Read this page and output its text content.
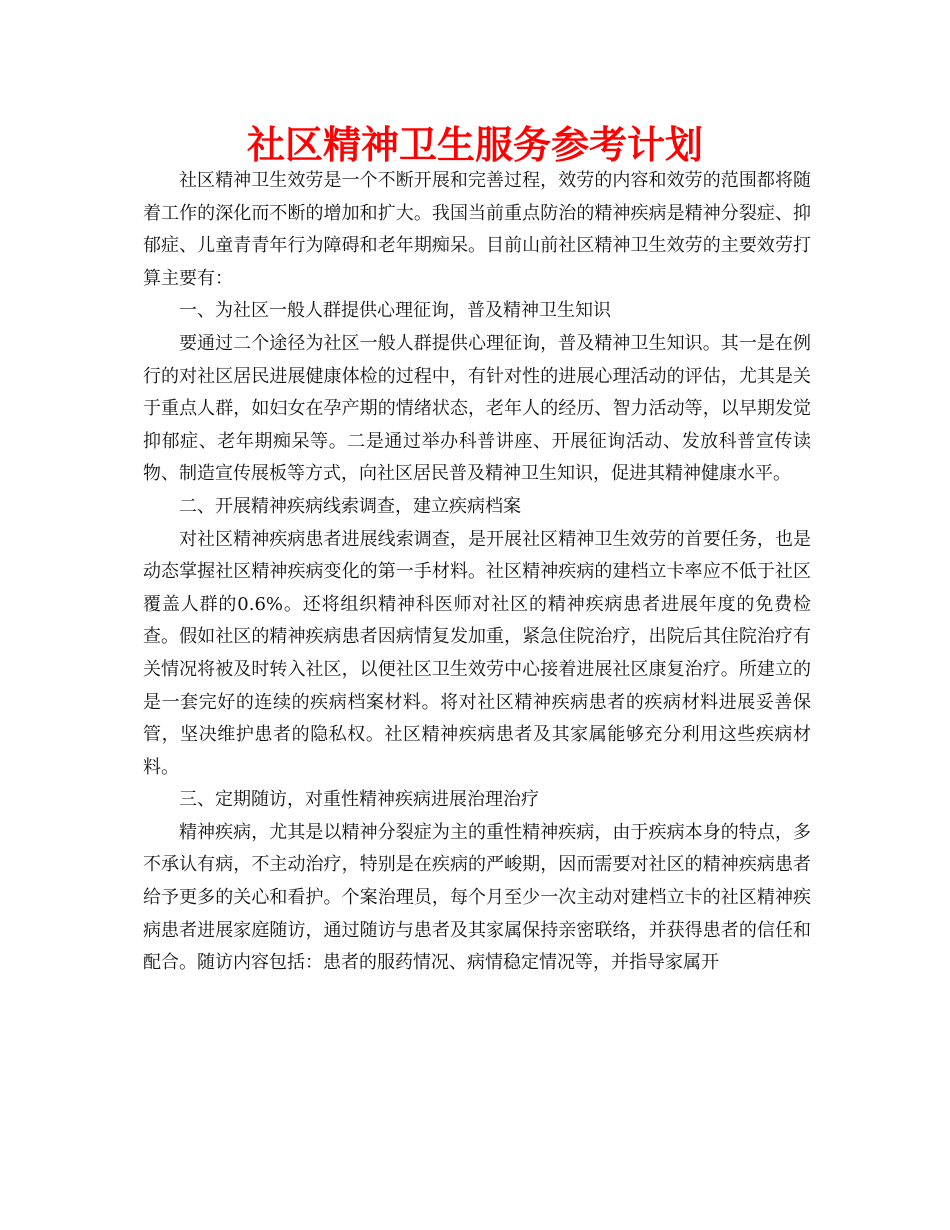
社区精神卫生服务参考计划

社区精神卫生效劳是一个不断开展和完善过程，效劳的内容和效劳的范围都将随着工作的深化而不断的增加和扩大。我国当前重点防治的精神疾病是精神分裂症、抑郁症、儿童青青年行为障碍和老年期痴呆。目前山前社区精神卫生效劳的主要效劳打算主要有：

一、为社区一般人群提供心理征询，普及精神卫生知识

要通过二个途径为社区一般人群提供心理征询，普及精神卫生知识。其一是在例行的对社区居民进展健康体检的过程中，有针对性的进展心理活动的评估，尤其是关于重点人群，如妇女在孕产期的情绪状态，老年人的经历、智力活动等，以早期发觉抑郁症、老年期痴呆等。二是通过举办科普讲座、开展征询活动、发放科普宣传读物、制造宣传展板等方式，向社区居民普及精神卫生知识，促进其精神健康水平。

二、开展精神疾病线索调查，建立疾病档案

对社区精神疾病患者进展线索调查，是开展社区精神卫生效劳的首要任务，也是动态掌握社区精神疾病变化的第一手材料。社区精神疾病的建档立卡率应不低于社区覆盖人群的0.6%。还将组织精神科医师对社区的精神疾病患者进展年度的免费检查。假如社区的精神疾病患者因病情复发加重，紧急住院治疗，出院后其住院治疗有关情况将被及时转入社区，以便社区卫生效劳中心接着进展社区康复治疗。所建立的是一套完好的连续的疾病档案材料。将对社区精神疾病患者的疾病材料进展妥善保管，坚决维护患者的隐私权。社区精神疾病患者及其家属能够充分利用这些疾病材料。

三、定期随访，对重性精神疾病进展治理治疗

精神疾病，尤其是以精神分裂症为主的重性精神疾病，由于疾病本身的特点，多不承认有病，不主动治疗，特别是在疾病的严峻期，因而需要对社区的精神疾病患者给予更多的关心和看护。个案治理员，每个月至少一次主动对建档立卡的社区精神疾病患者进展家庭随访，通过随访与患者及其家属保持亲密联络，并获得患者的信任和配合。随访内容包括：患者的服药情况、病情稳定情况等，并指导家属开
